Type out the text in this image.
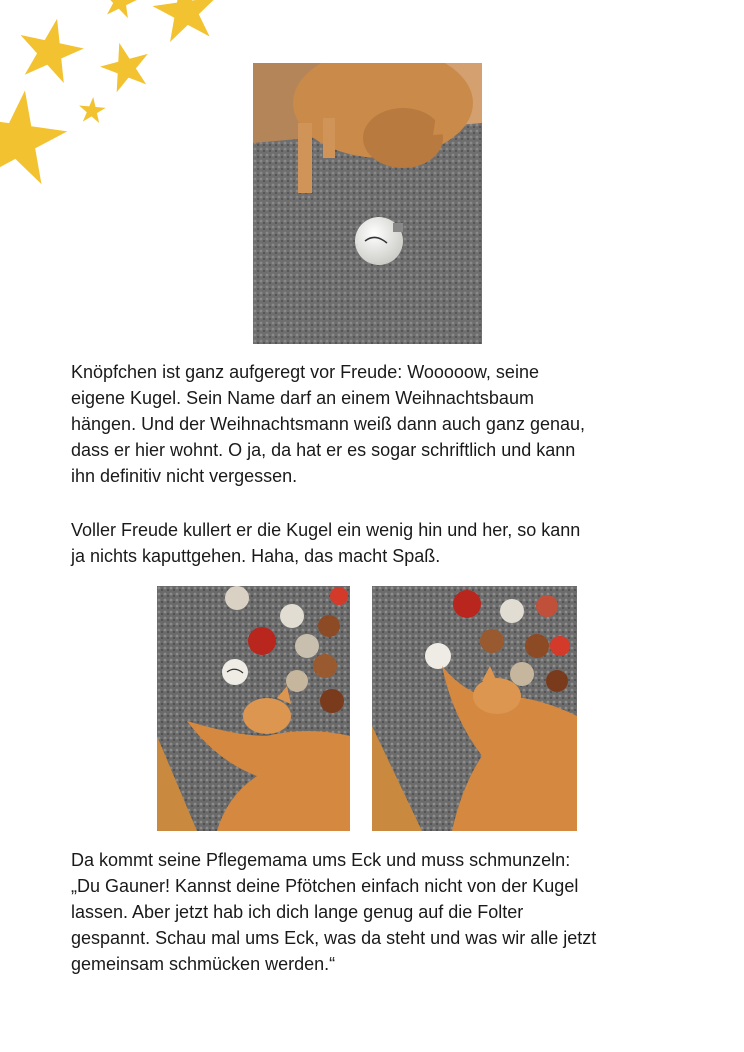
Knöpfchen ist ganz aufgeregt vor Freude: Wooooow, seine
eigene Kugel. Sein Name darf an einem Weihnachtsbaum
hängen. Und der Weihnachtsmann weiß dann auch ganz genau,
dass er hier wohnt. O ja, da hat er es sogar schriftlich und kann
ihn definitiv nicht vergessen.

Voller Freude kullert er die Kugel ein wenig hin und her, so kann
ja nichts kaputtgehen. Haha, das macht Spaß.

Da kommt seine Pflegemama ums Eck und muss schmunzeln:
„Du Gauner! Kannst deine Pfötchen einfach nicht von der Kugel
lassen. Aber jetzt hab ich dich lange genug auf die Folter
gespannt. Schau mal ums Eck, was da steht und was wir alle jetzt
gemeinsam schmücken werden.“
